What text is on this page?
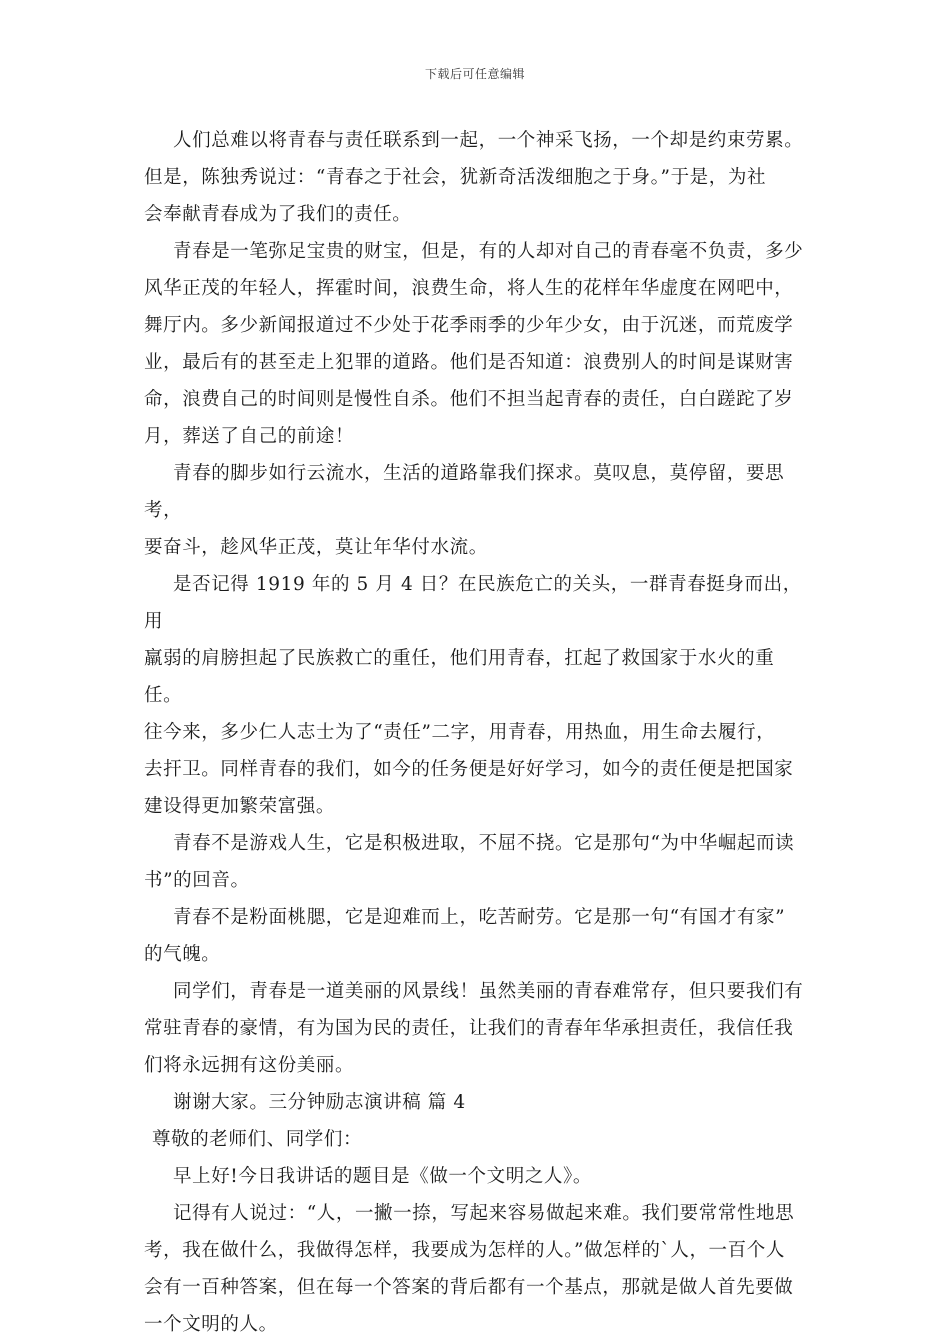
下载后可任意编辑

人们总难以将青春与责任联系到一起，一个神采飞扬，一个却是约束劳累。
但是，陈独秀说过：“青春之于社会，犹新奇活泼细胞之于身。”于是，为社
会奉献青春成为了我们的责任。

青春是一笔弥足宝贵的财宝，但是，有的人却对自己的青春毫不负责，多少
风华正茂的年轻人，挥霍时间，浪费生命，将人生的花样年华虚度在网吧中，
舞厅内。多少新闻报道过不少处于花季雨季的少年少女，由于沉迷，而荒废学
业，最后有的甚至走上犯罪的道路。他们是否知道：浪费别人的时间是谋财害
命，浪费自己的时间则是慢性自杀。他们不担当起青春的责任，白白蹉跎了岁
月，葬送了自己的前途！

青春的脚步如行云流水，生活的道路靠我们探求。莫叹息，莫停留，要思考，
要奋斗，趁风华正茂，莫让年华付水流。

是否记得 1919 年的 5 月 4 日？在民族危亡的关头，一群青春挺身而出，用
羸弱的肩膀担起了民族救亡的重任，他们用青春，扛起了救国家于水火的重任。
往今来，多少仁人志士为了“责任”二字，用青春，用热血，用生命去履行，
去扞卫。同样青春的我们，如今的任务便是好好学习，如今的责任便是把国家
建设得更加繁荣富强。

青春不是游戏人生，它是积极进取，不屈不挠。它是那句“为中华崛起而读
书”的回音。

青春不是粉面桃腮，它是迎难而上，吃苦耐劳。它是那一句“有国才有家”
的气魄。

同学们，青春是一道美丽的风景线！虽然美丽的青春难常存，但只要我们有
常驻青春的豪情，有为国为民的责任，让我们的青春年华承担责任，我信任我
们将永远拥有这份美丽。

谢谢大家。三分钟励志演讲稿 篇 4

尊敬的老师们、同学们：

早上好!今日我讲话的题目是《做一个文明之人》。

记得有人说过：“人，一撇一捺，写起来容易做起来难。我们要常常性地思
考，我在做什么，我做得怎样，我要成为怎样的人。”做怎样的`人，一百个人
会有一百种答案，但在每一个答案的背后都有一个基点，那就是做人首先要做
一个文明的人。
